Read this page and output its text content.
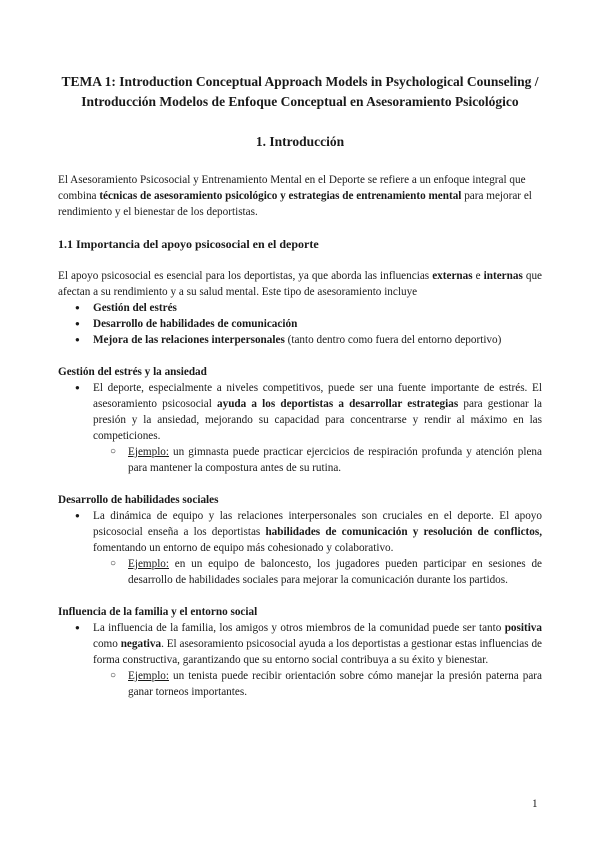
TEMA 1: Introduction Conceptual Approach Models in Psychological Counseling / Introducción Modelos de Enfoque Conceptual en Asesoramiento Psicológico
1. Introducción

El Asesoramiento Psicosocial y Entrenamiento Mental en el Deporte se refiere a un enfoque integral que combina técnicas de asesoramiento psicológico y estrategias de entrenamiento mental para mejorar el rendimiento y el bienestar de los deportistas.

1.1 Importancia del apoyo psicosocial en el deporte

El apoyo psicosocial es esencial para los deportistas, ya que aborda las influencias externas e internas que afectan a su rendimiento y a su salud mental. Este tipo de asesoramiento incluye

● Gestión del estrés
● Desarrollo de habilidades de comunicación
● Mejora de las relaciones interpersonales (tanto dentro como fuera del entorno deportivo)

Gestión del estrés y la ansiedad

● El deporte, especialmente a niveles competitivos, puede ser una fuente importante de estrés. El asesoramiento psicosocial ayuda a los deportistas a desarrollar estrategias para gestionar la presión y la ansiedad, mejorando su capacidad para concentrarse y rendir al máximo en las competiciones.
○ Ejemplo: un gimnasta puede practicar ejercicios de respiración profunda y atención plena para mantener la compostura antes de su rutina.

Desarrollo de habilidades sociales

● La dinámica de equipo y las relaciones interpersonales son cruciales en el deporte. El apoyo psicosocial enseña a los deportistas habilidades de comunicación y resolución de conflictos, fomentando un entorno de equipo más cohesionado y colaborativo.
○ Ejemplo: en un equipo de baloncesto, los jugadores pueden participar en sesiones de desarrollo de habilidades sociales para mejorar la comunicación durante los partidos.

Influencia de la familia y el entorno social

● La influencia de la familia, los amigos y otros miembros de la comunidad puede ser tanto positiva como negativa. El asesoramiento psicosocial ayuda a los deportistas a gestionar estas influencias de forma constructiva, garantizando que su entorno social contribuya a su éxito y bienestar.
○ Ejemplo: un tenista puede recibir orientación sobre cómo manejar la presión paterna para ganar torneos importantes.
1
